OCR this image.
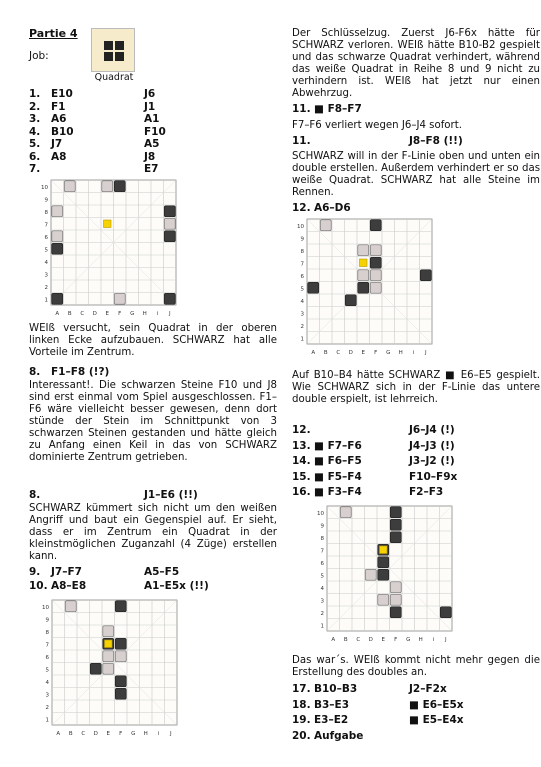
Partie 4
Job:
Quadrat
1. E10	J6
2. F1	J1
3. A6	A1
4. B10	F10
5. J7	A5
6. A8	J8
7.	E7
1
2
3
4
5
6
7
8
9
10
A B C D E F G H i J
1
2
3
4
5
6
7
8
9
10
A B C D E F G H i J
1
2
3
4
5
6
7
8
9
10
A B C D E F G H i J
1
2
3
4
5
6
7
8
9
10
A B C D E F G H i J
WEIß versucht, sein Quadrat in der oberen linken Ecke aufzubauen. SCHWARZ hat alle Vorteile im Zentrum.
8. F1–F8 (!?)
Interessant!. Die schwarzen Steine F10 und J8 sind erst einmal vom Spiel ausgeschlossen. F1–F6 wäre vielleicht besser gewesen, denn dort stünde der Stein im Schnittpunkt von 3 schwarzen Steinen gestanden und hätte gleich zu Anfang einen Keil in das von SCHWARZ dominierte Zentrum getrieben.
8.	J1–E6 (!!)
SCHWARZ kümmert sich nicht um den weißen Angriff und baut ein Gegenspiel auf. Er sieht, dass er im Zentrum ein Quadrat in der kleinstmöglichen Zuganzahl (4 Züge) erstellen kann.
9. J7–F7	A5–F5
10. A8–E8	A1–E5x (!!)
Der Schlüsselzug. Zuerst J6-F6x hätte für SCHWARZ verloren. WEIß hätte B10-B2 gespielt und das schwarze Quadrat verhindert, während das weiße Quadrat in Reihe 8 und 9 nicht zu verhindern ist. WEIß hat jetzt nur einen Abwehrzug.
11. ■ F8–F7
F7–F6 verliert wegen J6–J4 sofort.
11.	J8–F8 (!!)
SCHWARZ will in der F-Linie oben und unten ein double erstellen. Außerdem verhindert er so das weiße Quadrat. SCHWARZ hat alle Steine im Rennen.
12. A6–D6
Auf B10–B4 hätte SCHWARZ ■ E6–E5 gespielt. Wie SCHWARZ sich in der F-Linie das untere double erspielt, ist lehrreich.
12.	J6–J4 (!)
13. ■ F7–F6	J4–J3 (!)
14. ■ F6–F5	J3–J2 (!)
15. ■ F5–F4	F10–F9x
16. ■ F3–F4	F2–F3
Das war´s. WEIß kommt nicht mehr gegen die Erstellung des doubles an.
17. B10–B3	J2–F2x
18. B3–E3	■ E6–E5x
19. E3–E2	■ E5–E4x
20. Aufgabe
